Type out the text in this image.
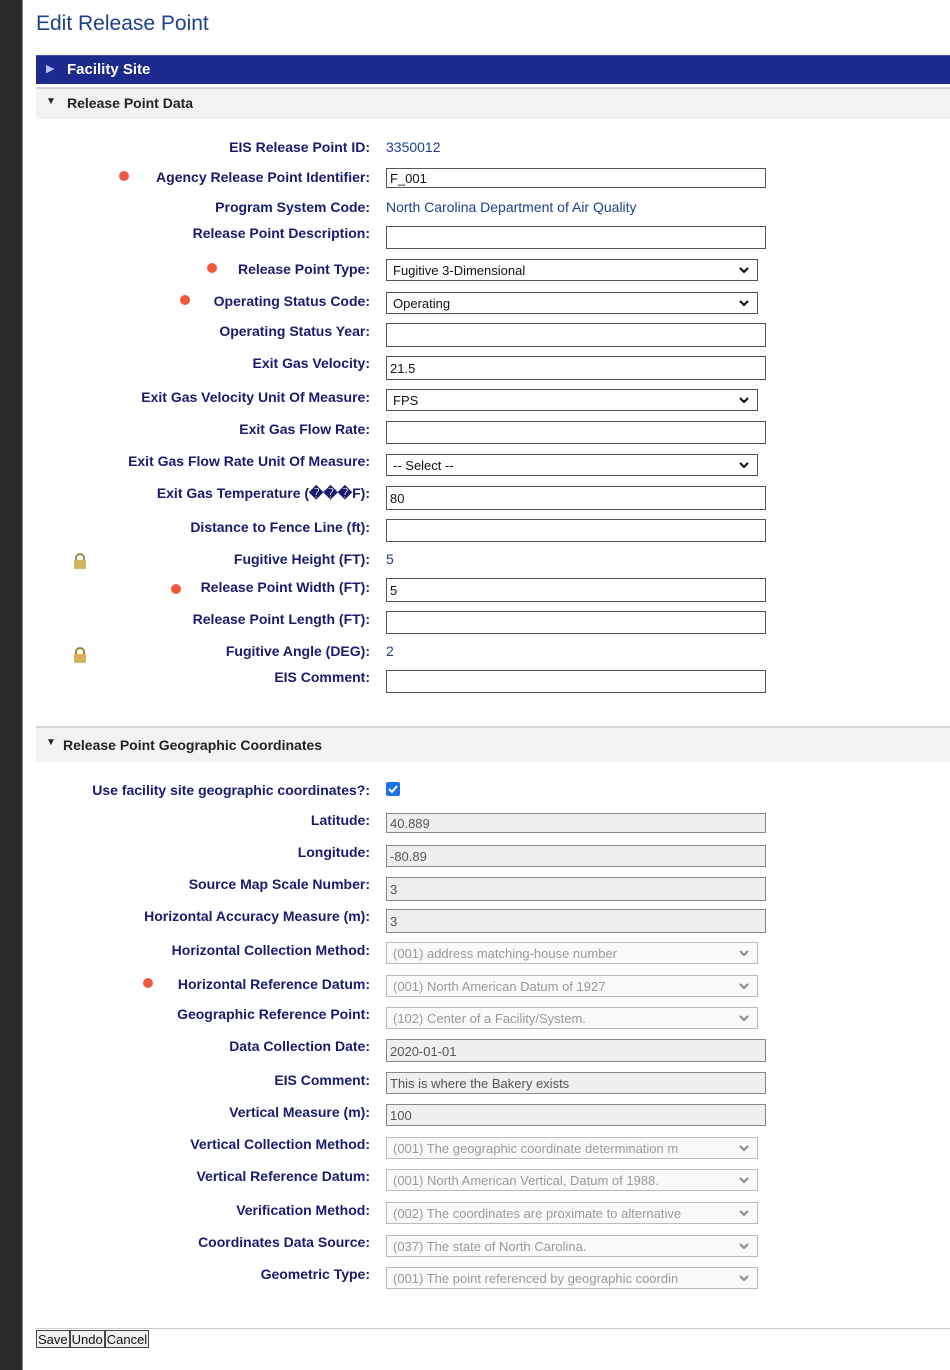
Edit Release Point
▶ Facility Site
▼ Release Point Data
EIS Release Point ID: 3350012
Agency Release Point Identifier:	F_001
Program System Code: North Carolina Department of Air Quality
Release Point Description:
Release Point Type:	Fugitive 3-Dimensional
Operating Status Code:	Operating
Operating Status Year:
Exit Gas Velocity:	21.5
Exit Gas Velocity Unit Of Measure:	FPS
Exit Gas Flow Rate:
Exit Gas Flow Rate Unit Of Measure:	-- Select --
Exit Gas Temperature (���F):	80
Distance to Fence Line (ft):
Fugitive Height (FT): 5
Release Point Width (FT):	5
Release Point Length (FT):
Fugitive Angle (DEG): 2
EIS Comment:
▼ Release Point Geographic Coordinates
Use facility site geographic coordinates?:
Latitude:	40.889
Longitude:	-80.89
Source Map Scale Number:	3
Horizontal Accuracy Measure (m):	3
Horizontal Collection Method:	(001) address matching-house number
Horizontal Reference Datum:	(001) North American Datum of 1927
Geographic Reference Point:	(102) Center of a Facility/System.
Data Collection Date:	2020-01-01
EIS Comment:	This is where the Bakery exists
Vertical Measure (m):	100
Vertical Collection Method:	(001) The geographic coordinate determination m
Vertical Reference Datum:	(001) North American Vertical, Datum of 1988.
Verification Method:	(002) The coordinates are proximate to alternative
Coordinates Data Source:	(037) The state of North Carolina.
Geometric Type:	(001) The point referenced by geographic coordin
Save Undo Cancel
